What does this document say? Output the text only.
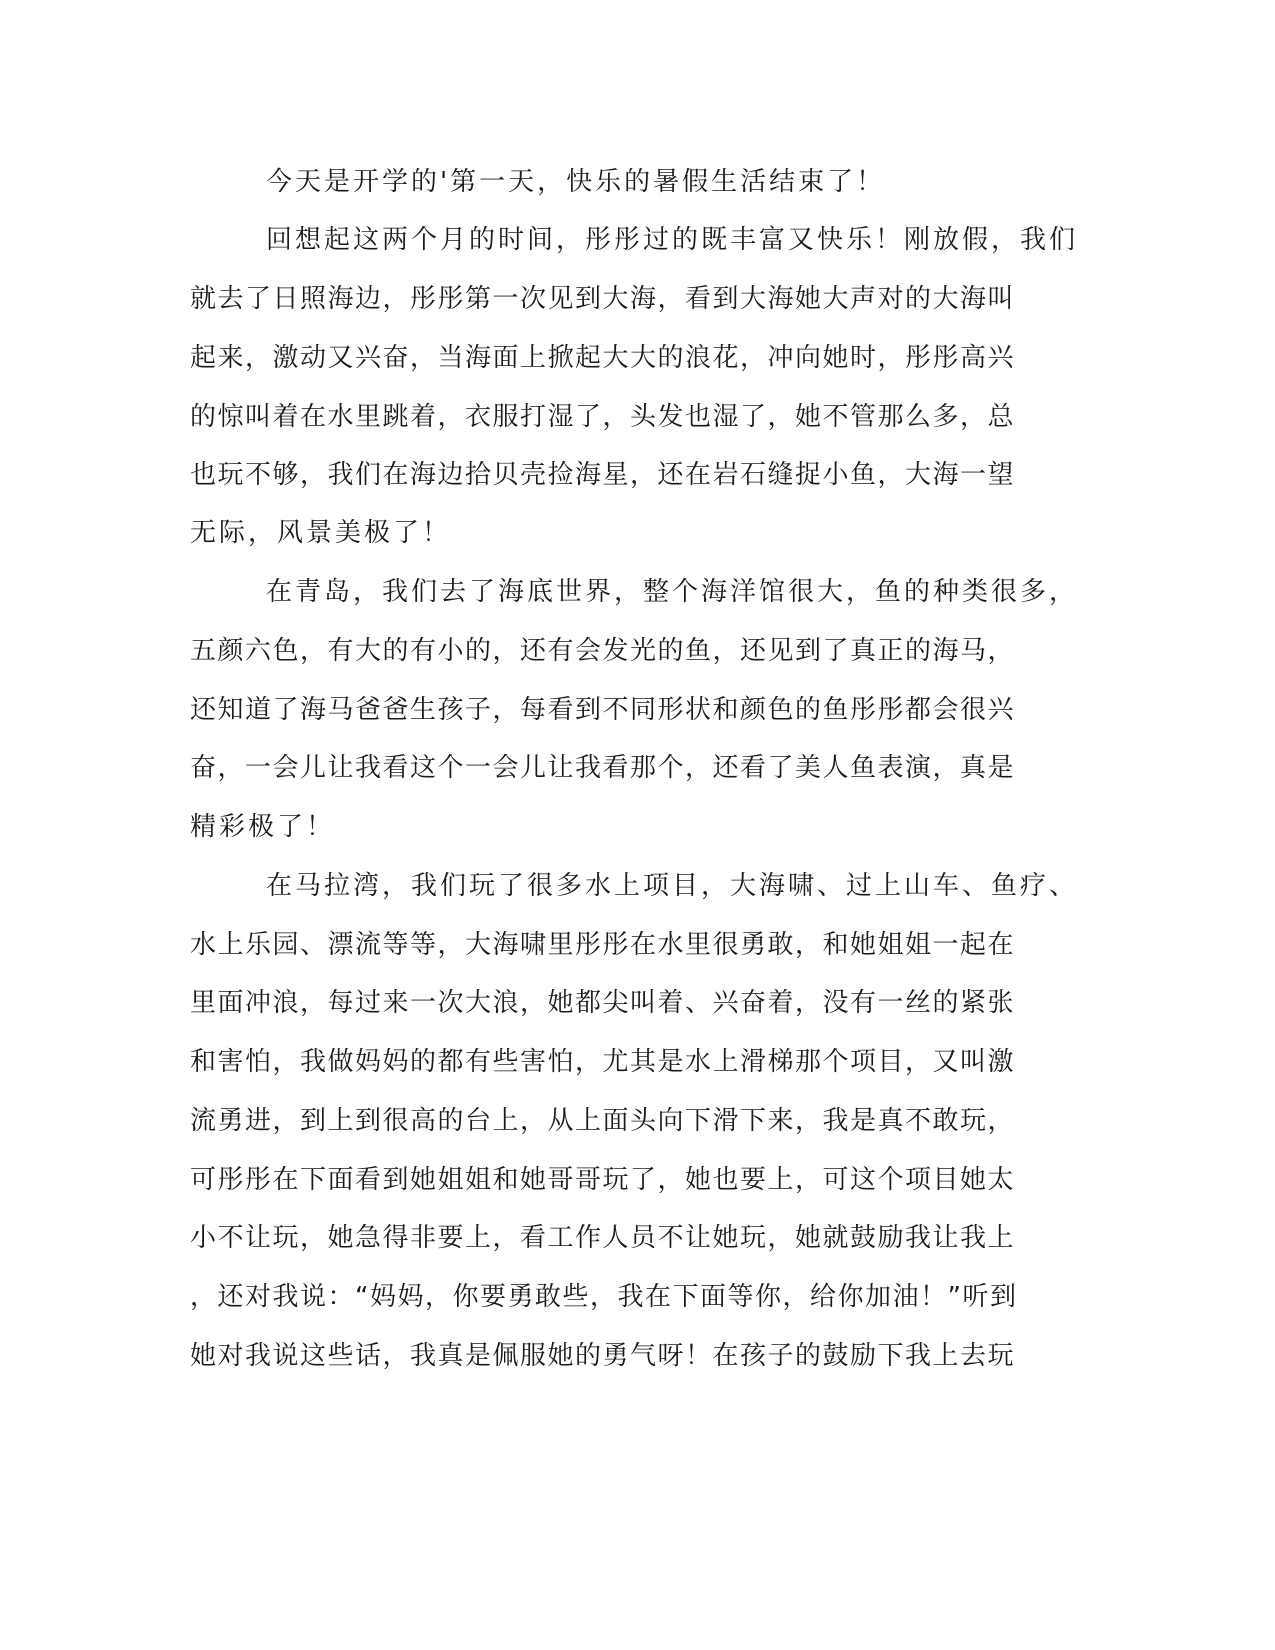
今天是开学的'第一天，快乐的暑假生活结束了！
回想起这两个月的时间，彤彤过的既丰富又快乐！刚放假，我们
就去了日照海边，彤彤第一次见到大海，看到大海她大声对的大海叫
起来，激动又兴奋，当海面上掀起大大的浪花，冲向她时，彤彤高兴
的惊叫着在水里跳着，衣服打湿了，头发也湿了，她不管那么多，总
也玩不够，我们在海边拾贝壳捡海星，还在岩石缝捉小鱼，大海一望
无际，风景美极了！
在青岛，我们去了海底世界，整个海洋馆很大，鱼的种类很多，
五颜六色，有大的有小的，还有会发光的鱼，还见到了真正的海马，
还知道了海马爸爸生孩子，每看到不同形状和颜色的鱼彤彤都会很兴
奋，一会儿让我看这个一会儿让我看那个，还看了美人鱼表演，真是
精彩极了！
在马拉湾，我们玩了很多水上项目，大海啸、过上山车、鱼疗、
水上乐园、漂流等等，大海啸里彤彤在水里很勇敢，和她姐姐一起在
里面冲浪，每过来一次大浪，她都尖叫着、兴奋着，没有一丝的紧张
和害怕，我做妈妈的都有些害怕，尤其是水上滑梯那个项目，又叫激
流勇进，到上到很高的台上，从上面头向下滑下来，我是真不敢玩，
可彤彤在下面看到她姐姐和她哥哥玩了，她也要上，可这个项目她太
小不让玩，她急得非要上，看工作人员不让她玩，她就鼓励我让我上
，还对我说：“妈妈，你要勇敢些，我在下面等你，给你加油！”听到
她对我说这些话，我真是佩服她的勇气呀！在孩子的鼓励下我上去玩
